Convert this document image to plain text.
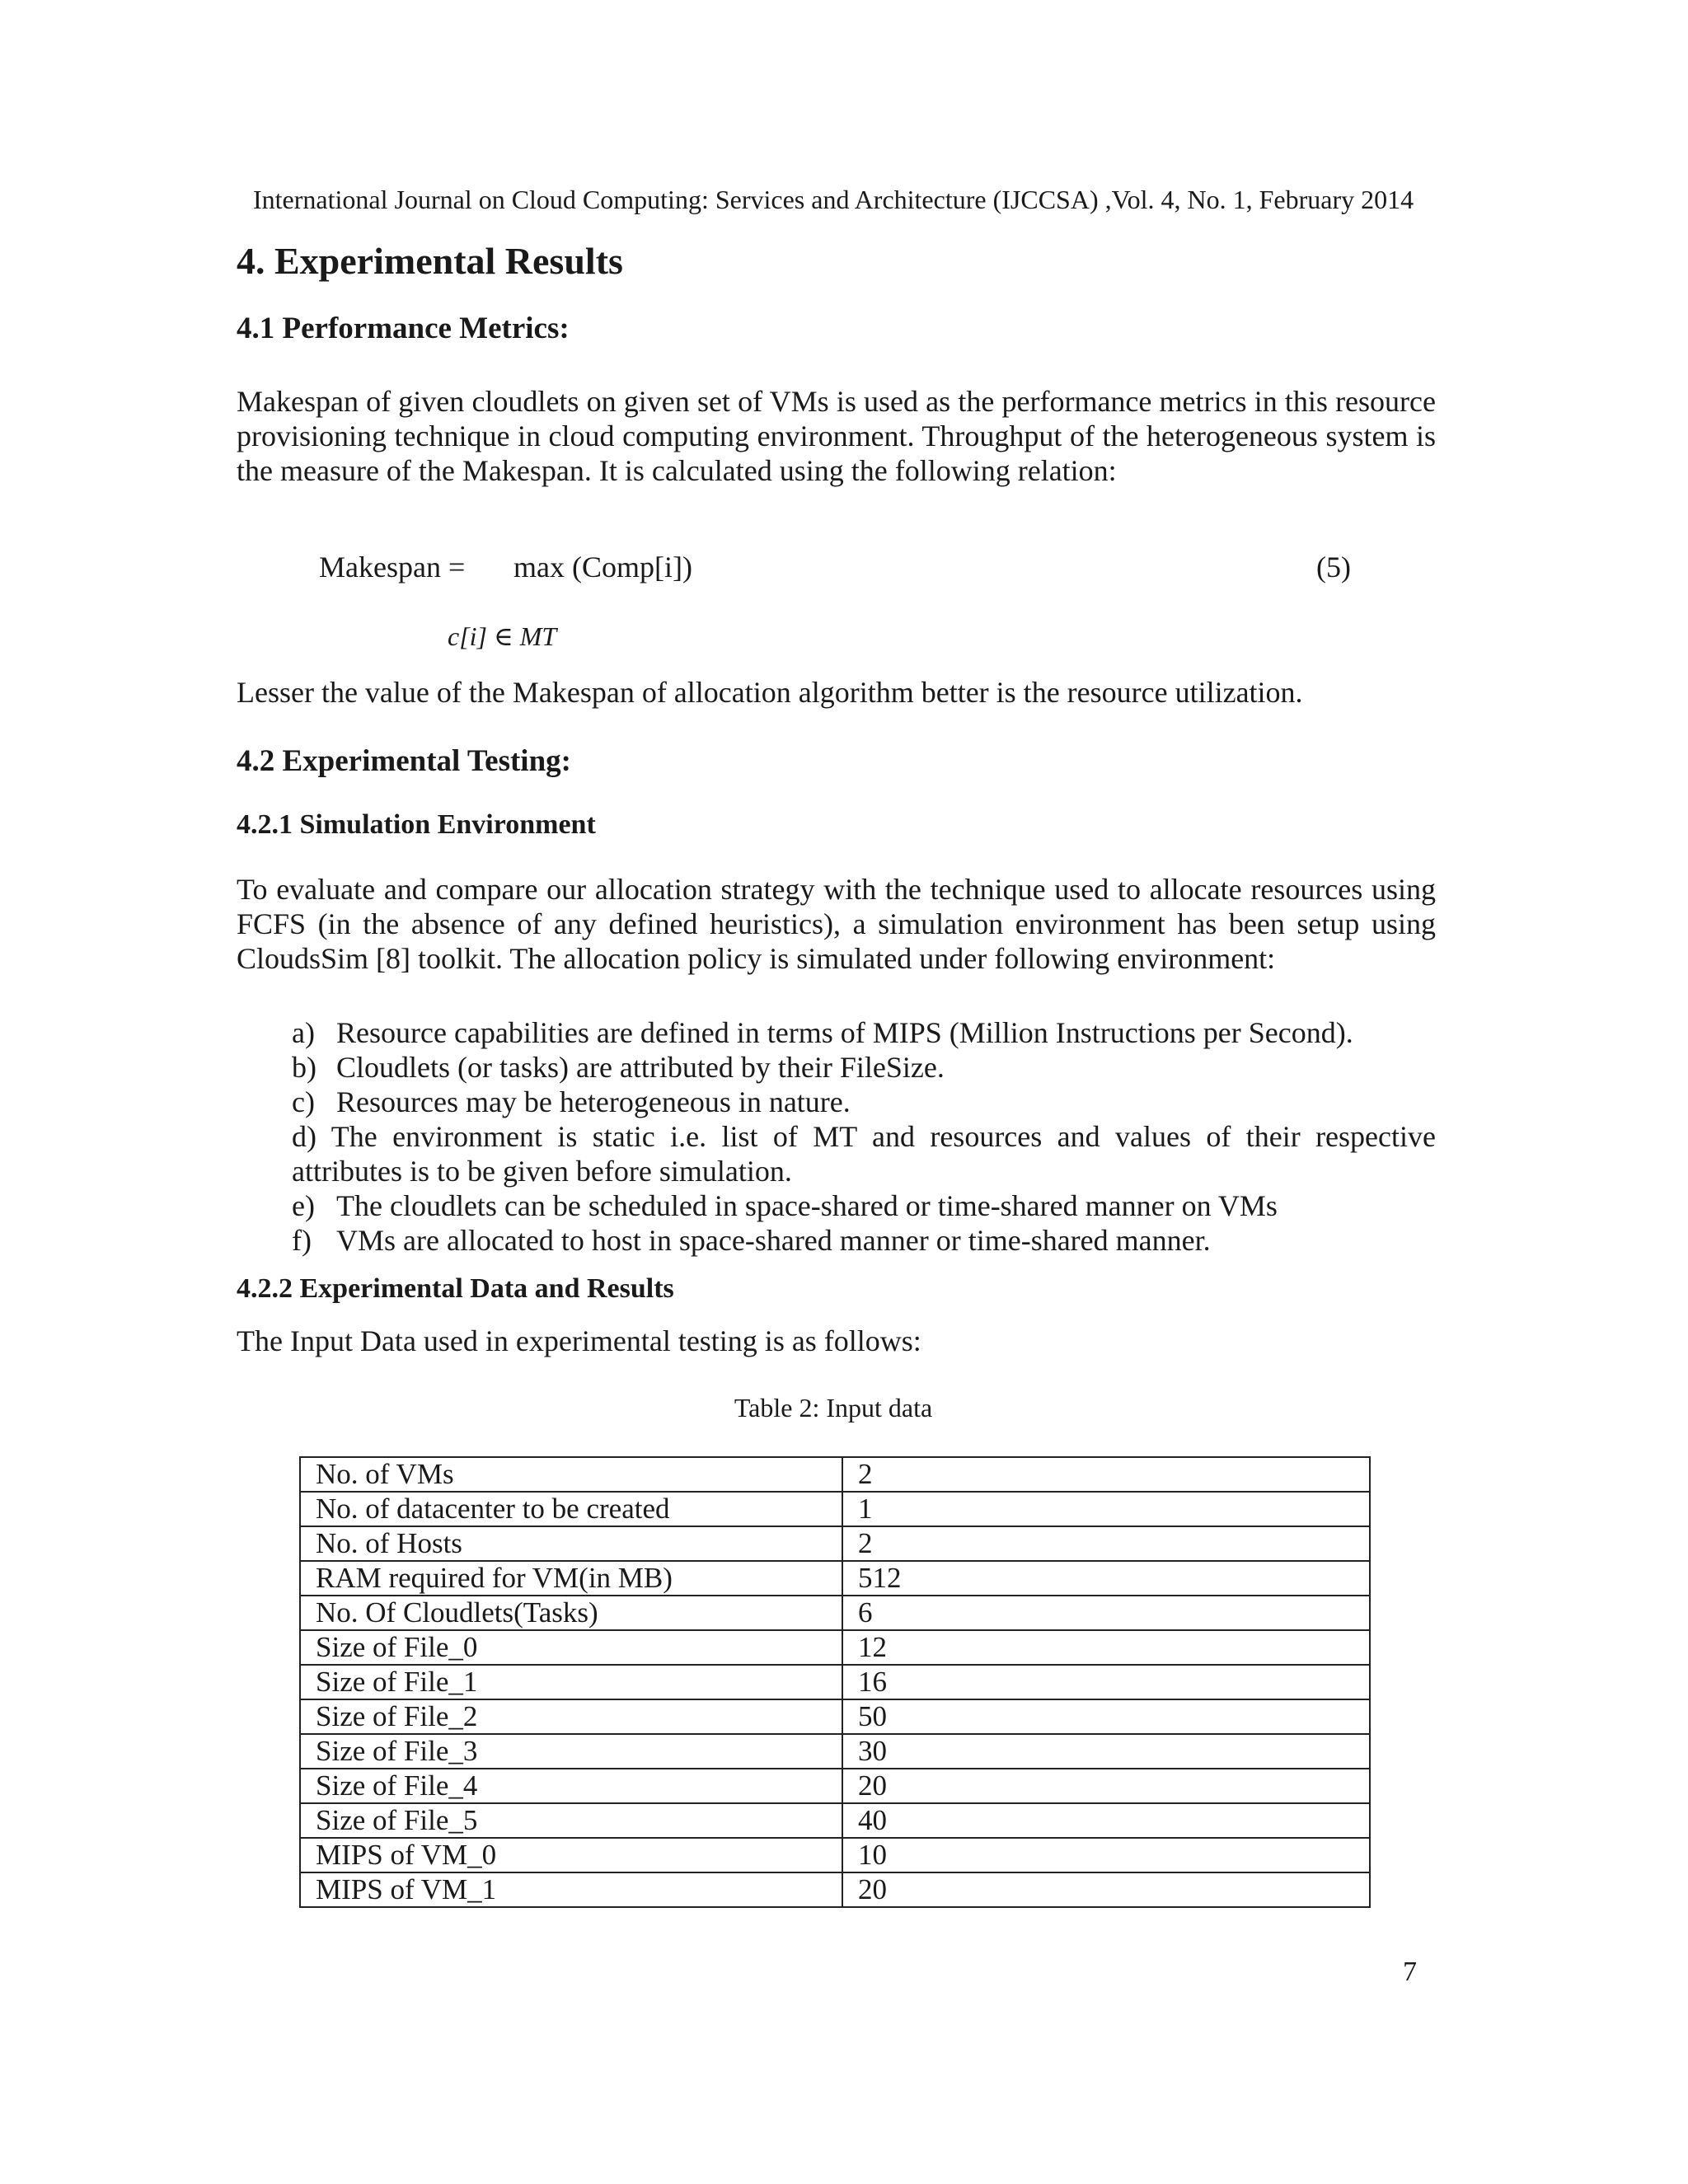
International Journal on Cloud Computing: Services and Architecture (IJCCSA) ,Vol. 4, No. 1, February 2014
4. Experimental Results
4.1 Performance Metrics:
Makespan of given cloudlets on given set of VMs is used as the performance metrics in this resource provisioning technique in cloud computing environment. Throughput of the heterogeneous system is the measure of the Makespan. It is calculated using the following relation:
Makespan = max (Comp[i])	(5)
c[i] ∈ MT
Lesser the value of the Makespan of allocation algorithm better is the resource utilization.
4.2 Experimental Testing:
4.2.1 Simulation Environment
To evaluate and compare our allocation strategy with the technique used to allocate resources using FCFS (in the absence of any defined heuristics), a simulation environment has been setup using CloudsSim [8] toolkit. The allocation policy is simulated under following environment:
a) Resource capabilities are defined in terms of MIPS (Million Instructions per Second).
b) Cloudlets (or tasks) are attributed by their FileSize.
c) Resources may be heterogeneous in nature.
d) The environment is static i.e. list of MT and resources and values of their respective attributes is to be given before simulation.
e) The cloudlets can be scheduled in space-shared or time-shared manner on VMs
f) VMs are allocated to host in space-shared manner or time-shared manner.
4.2.2 Experimental Data and Results
The Input Data used in experimental testing is as follows:
Table 2: Input data
No. of VMs	2
No. of datacenter to be created	1
No. of Hosts	2
RAM required for VM(in MB)	512
No. Of Cloudlets(Tasks)	6
Size of File_0	12
Size of File_1	16
Size of File_2	50
Size of File_3	30
Size of File_4	20
Size of File_5	40
MIPS of VM_0	10
MIPS of VM_1	20
7
